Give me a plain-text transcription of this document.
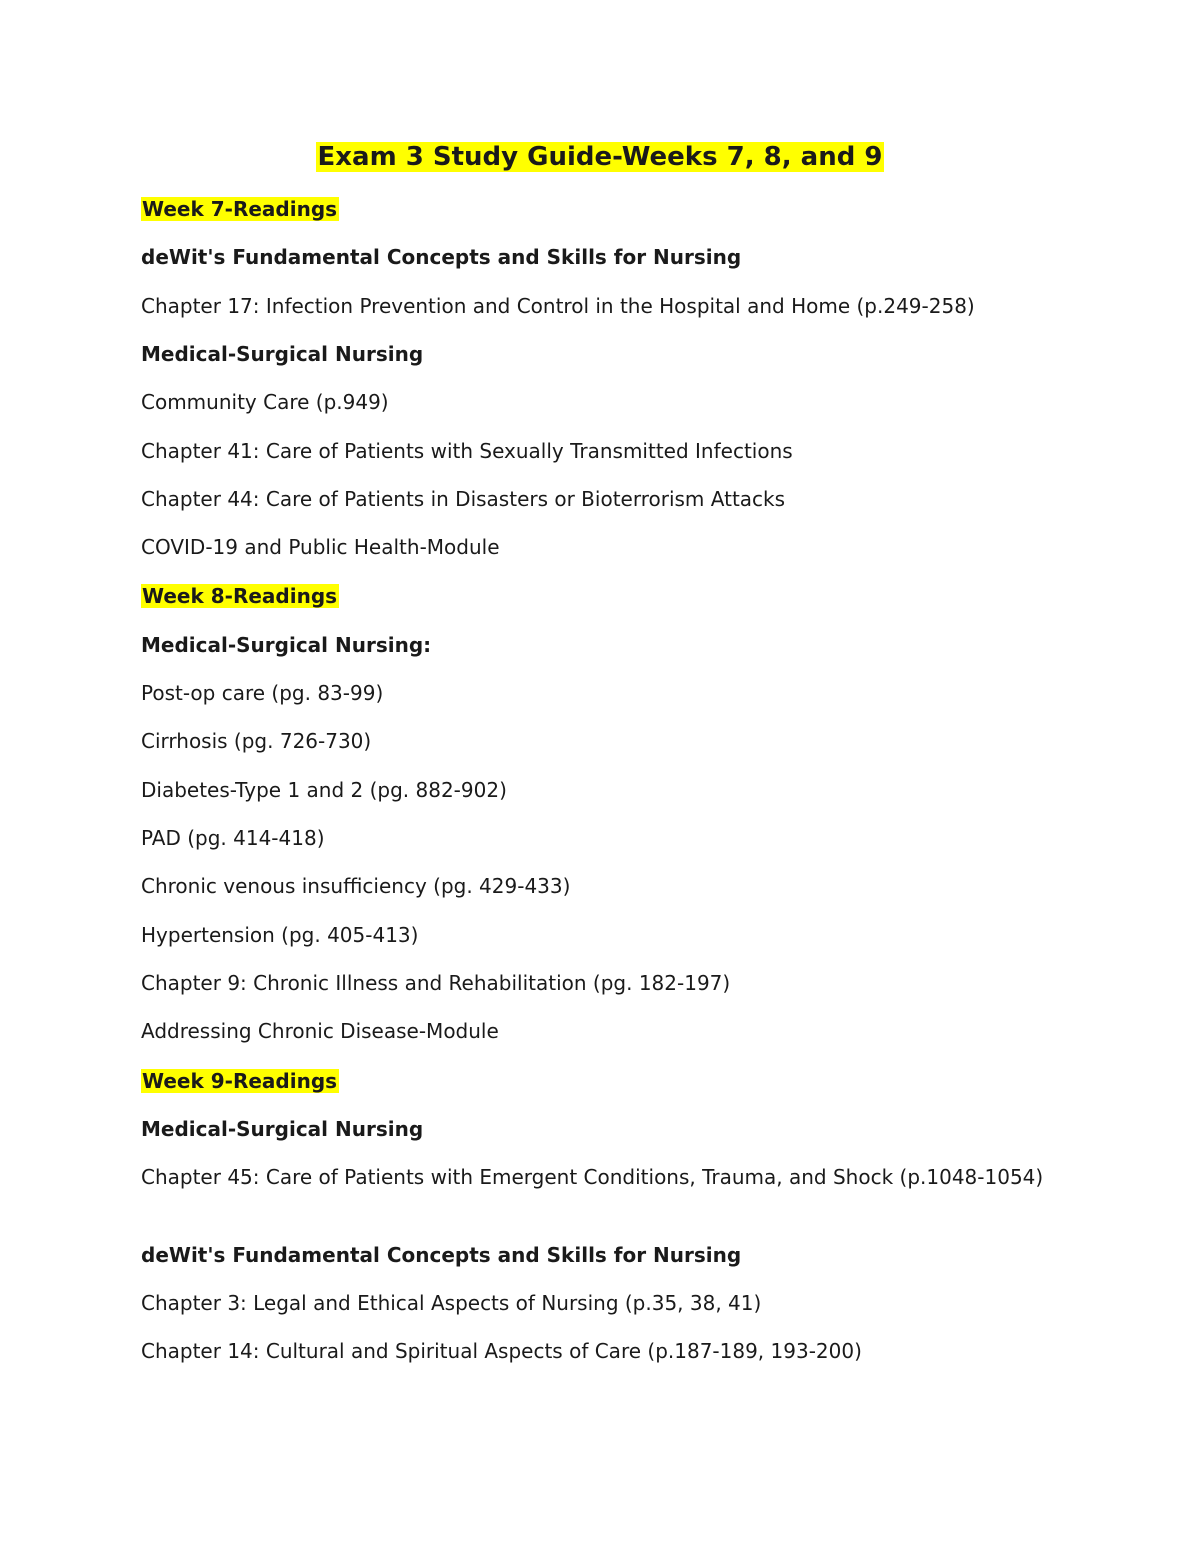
Exam 3 Study Guide-Weeks 7, 8, and 9

Week 7-Readings

deWit's Fundamental Concepts and Skills for Nursing

Chapter 17: Infection Prevention and Control in the Hospital and Home (p.249-258)

Medical-Surgical Nursing

Community Care (p.949)

Chapter 41: Care of Patients with Sexually Transmitted Infections

Chapter 44: Care of Patients in Disasters or Bioterrorism Attacks

COVID-19 and Public Health-Module

Week 8-Readings

Medical-Surgical Nursing:

Post-op care (pg. 83-99)

Cirrhosis (pg. 726-730)

Diabetes-Type 1 and 2 (pg. 882-902)

PAD (pg. 414-418)

Chronic venous insufficiency (pg. 429-433)

Hypertension (pg. 405-413)

Chapter 9: Chronic Illness and Rehabilitation (pg. 182-197)

Addressing Chronic Disease-Module

Week 9-Readings

Medical-Surgical Nursing

Chapter 45: Care of Patients with Emergent Conditions, Trauma, and Shock (p.1048-1054)

deWit's Fundamental Concepts and Skills for Nursing

Chapter 3: Legal and Ethical Aspects of Nursing (p.35, 38, 41)

Chapter 14: Cultural and Spiritual Aspects of Care (p.187-189, 193-200)
